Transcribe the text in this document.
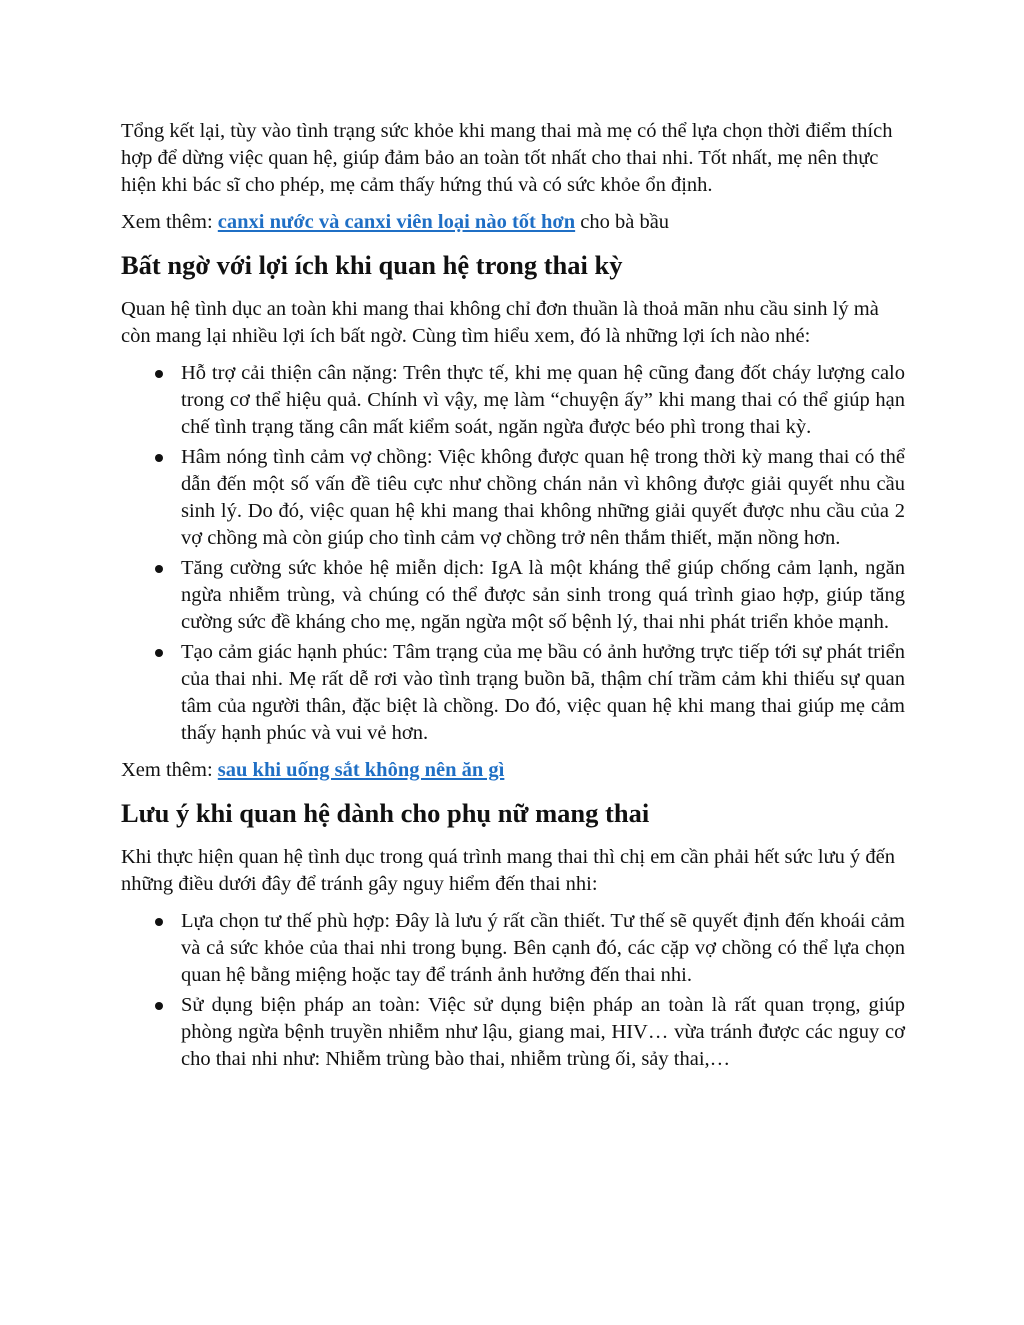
Tổng kết lại, tùy vào tình trạng sức khỏe khi mang thai mà mẹ có thể lựa chọn thời điểm thích hợp để dừng việc quan hệ, giúp đảm bảo an toàn tốt nhất cho thai nhi. Tốt nhất, mẹ nên thực hiện khi bác sĩ cho phép, mẹ cảm thấy hứng thú và có sức khỏe ổn định.

Xem thêm: canxi nước và canxi viên loại nào tốt hơn cho bà bầu
Bất ngờ với lợi ích khi quan hệ trong thai kỳ

Quan hệ tình dục an toàn khi mang thai không chỉ đơn thuần là thoả mãn nhu cầu sinh lý mà còn mang lại nhiều lợi ích bất ngờ. Cùng tìm hiểu xem, đó là những lợi ích nào nhé:

Hỗ trợ cải thiện cân nặng: Trên thực tế, khi mẹ quan hệ cũng đang đốt cháy lượng calo trong cơ thể hiệu quả. Chính vì vậy, mẹ làm “chuyện ấy” khi mang thai có thể giúp hạn chế tình trạng tăng cân mất kiểm soát, ngăn ngừa được béo phì trong thai kỳ.
Hâm nóng tình cảm vợ chồng: Việc không được quan hệ trong thời kỳ mang thai có thể dẫn đến một số vấn đề tiêu cực như chồng chán nản vì không được giải quyết nhu cầu sinh lý. Do đó, việc quan hệ khi mang thai không những giải quyết được nhu cầu của 2 vợ chồng mà còn giúp cho tình cảm vợ chồng trở nên thắm thiết, mặn nồng hơn.
Tăng cường sức khỏe hệ miễn dịch: IgA là một kháng thể giúp chống cảm lạnh, ngăn ngừa nhiễm trùng, và chúng có thể được sản sinh trong quá trình giao hợp, giúp tăng cường sức đề kháng cho mẹ, ngăn ngừa một số bệnh lý, thai nhi phát triển khỏe mạnh.
Tạo cảm giác hạnh phúc: Tâm trạng của mẹ bầu có ảnh hưởng trực tiếp tới sự phát triển của thai nhi. Mẹ rất dễ rơi vào tình trạng buồn bã, thậm chí trầm cảm khi thiếu sự quan tâm của người thân, đặc biệt là chồng. Do đó, việc quan hệ khi mang thai giúp mẹ cảm thấy hạnh phúc và vui vẻ hơn.
Xem thêm: sau khi uống sắt không nên ăn gì
Lưu ý khi quan hệ dành cho phụ nữ mang thai

Khi thực hiện quan hệ tình dục trong quá trình mang thai thì chị em cần phải hết sức lưu ý đến những điều dưới đây để tránh gây nguy hiểm đến thai nhi:

Lựa chọn tư thế phù hợp: Đây là lưu ý rất cần thiết. Tư thế sẽ quyết định đến khoái cảm và cả sức khỏe của thai nhi trong bụng. Bên cạnh đó, các cặp vợ chồng có thể lựa chọn quan hệ bằng miệng hoặc tay để tránh ảnh hưởng đến thai nhi.
Sử dụng biện pháp an toàn: Việc sử dụng biện pháp an toàn là rất quan trọng, giúp phòng ngừa bệnh truyền nhiễm như lậu, giang mai, HIV… vừa tránh được các nguy cơ cho thai nhi như: Nhiễm trùng bào thai, nhiễm trùng ối, sảy thai,…
